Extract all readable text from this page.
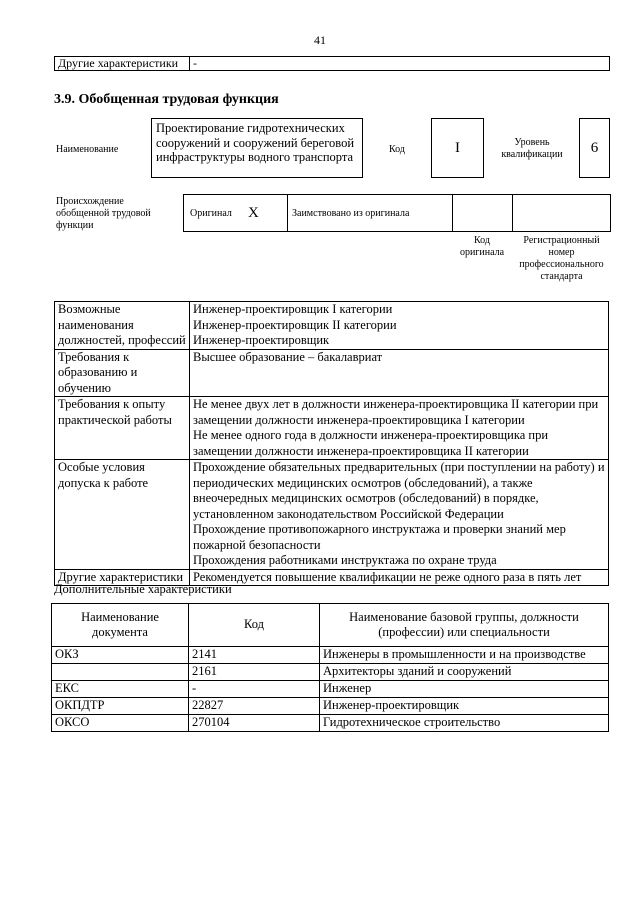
41
Другие характеристики	-
3.9. Обобщенная трудовая функция
Наименование
Проектирование гидротехнических сооружений и сооружений береговой инфраструктуры водного транспорта
Код	I	Уровень квалификации	6
Происхождение обобщенной трудовой функции
Оригинал X	Заимствовано из оригинала
Код оригинала
Регистрационный номер профессионального стандарта
Возможные наименования должностей, профессий	Инженер-проектировщик I категории
Инженер-проектировщик II категории
Инженер-проектировщик

Требования к образованию и обучению	Высшее образование – бакалавриат

Требования к опыту практической работы	Не менее двух лет в должности инженера-проектировщика II категории при замещении должности инженера-проектировщика I категории
Не менее одного года в должности инженера-проектировщика при замещении должности инженера-проектировщика II категории

Особые условия допуска к работе	Прохождение обязательных предварительных (при поступлении на работу) и периодических медицинских осмотров (обследований), а также внеочередных медицинских осмотров (обследований) в порядке, установленном законодательством Российской Федерации
Прохождение противопожарного инструктажа и проверки знаний мер пожарной безопасности
Прохождения работниками инструктажа по охране труда

Другие характеристики	Рекомендуется повышение квалификации не реже одного раза в пять лет
Дополнительные характеристики
Наименование документа	Код	Наименование базовой группы, должности (профессии) или специальности
ОКЗ	2141	Инженеры в промышленности и на производстве
	2161	Архитекторы зданий и сооружений
ЕКС	-	Инженер
ОКПДТР	22827	Инженер-проектировщик
ОКСО	270104	Гидротехническое строительство
